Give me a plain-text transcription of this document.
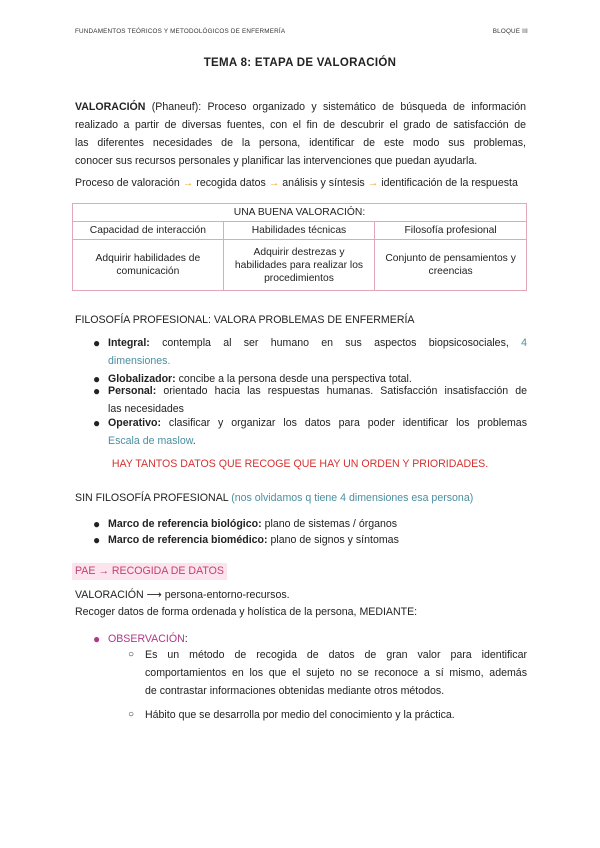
FUNDAMENTOS TEÓRICOS Y METODOLÓGICOS DE ENFERMERÍA	BLOQUE III
TEMA 8: ETAPA DE VALORACIÓN
VALORACIÓN (Phaneuf): Proceso organizado y sistemático de búsqueda de información
realizado a partir de diversas fuentes, con el fin de descubrir el grado de satisfacción de
las diferentes necesidades de la persona, identificar de este modo sus problemas,
conocer sus recursos personales y planificar las intervenciones que puedan ayudarla.
Proceso de valoración → recogida datos → análisis y síntesis → identificación de la respuesta
UNA BUENA VALORACIÓN:		
Capacidad de interacción	Habilidades técnicas	Filosofía profesional
Adquirir habilidades de
comunicación	Adquirir destrezas y
habilidades para realizar los
procedimientos	Conjunto de pensamientos y
creencias
FILOSOFÍA PROFESIONAL: VALORA PROBLEMAS DE ENFERMERÍA
● Integral: contempla al ser humano en sus aspectos biopsicosociales, 4
dimensiones.
● Globalizador: concibe a la persona desde una perspectiva total.
● Personal: orientado hacia las respuestas humanas. Satisfacción insatisfacción de
las necesidades
● Operativo: clasificar y organizar los datos para poder identificar los problemas
Escala de maslow.
HAY TANTOS DATOS QUE RECOGE QUE HAY UN ORDEN Y PRIORIDADES.
SIN FILOSOFÍA PROFESIONAL (nos olvidamos q tiene 4 dimensiones esa persona)
● Marco de referencia biológico: plano de sistemas / órganos
● Marco de referencia biomédico: plano de signos y síntomas
PAE → RECOGIDA DE DATOS
VALORACIÓN ⟶ persona-entorno-recursos.
Recoger datos de forma ordenada y holística de la persona, MEDIANTE:
● OBSERVACIÓN:
○ Es un método de recogida de datos de gran valor para identificar
comportamientos en los que el sujeto no se reconoce a sí mismo, además
de contrastar informaciones obtenidas mediante otros métodos.
○ Hábito que se desarrolla por medio del conocimiento y la práctica.
